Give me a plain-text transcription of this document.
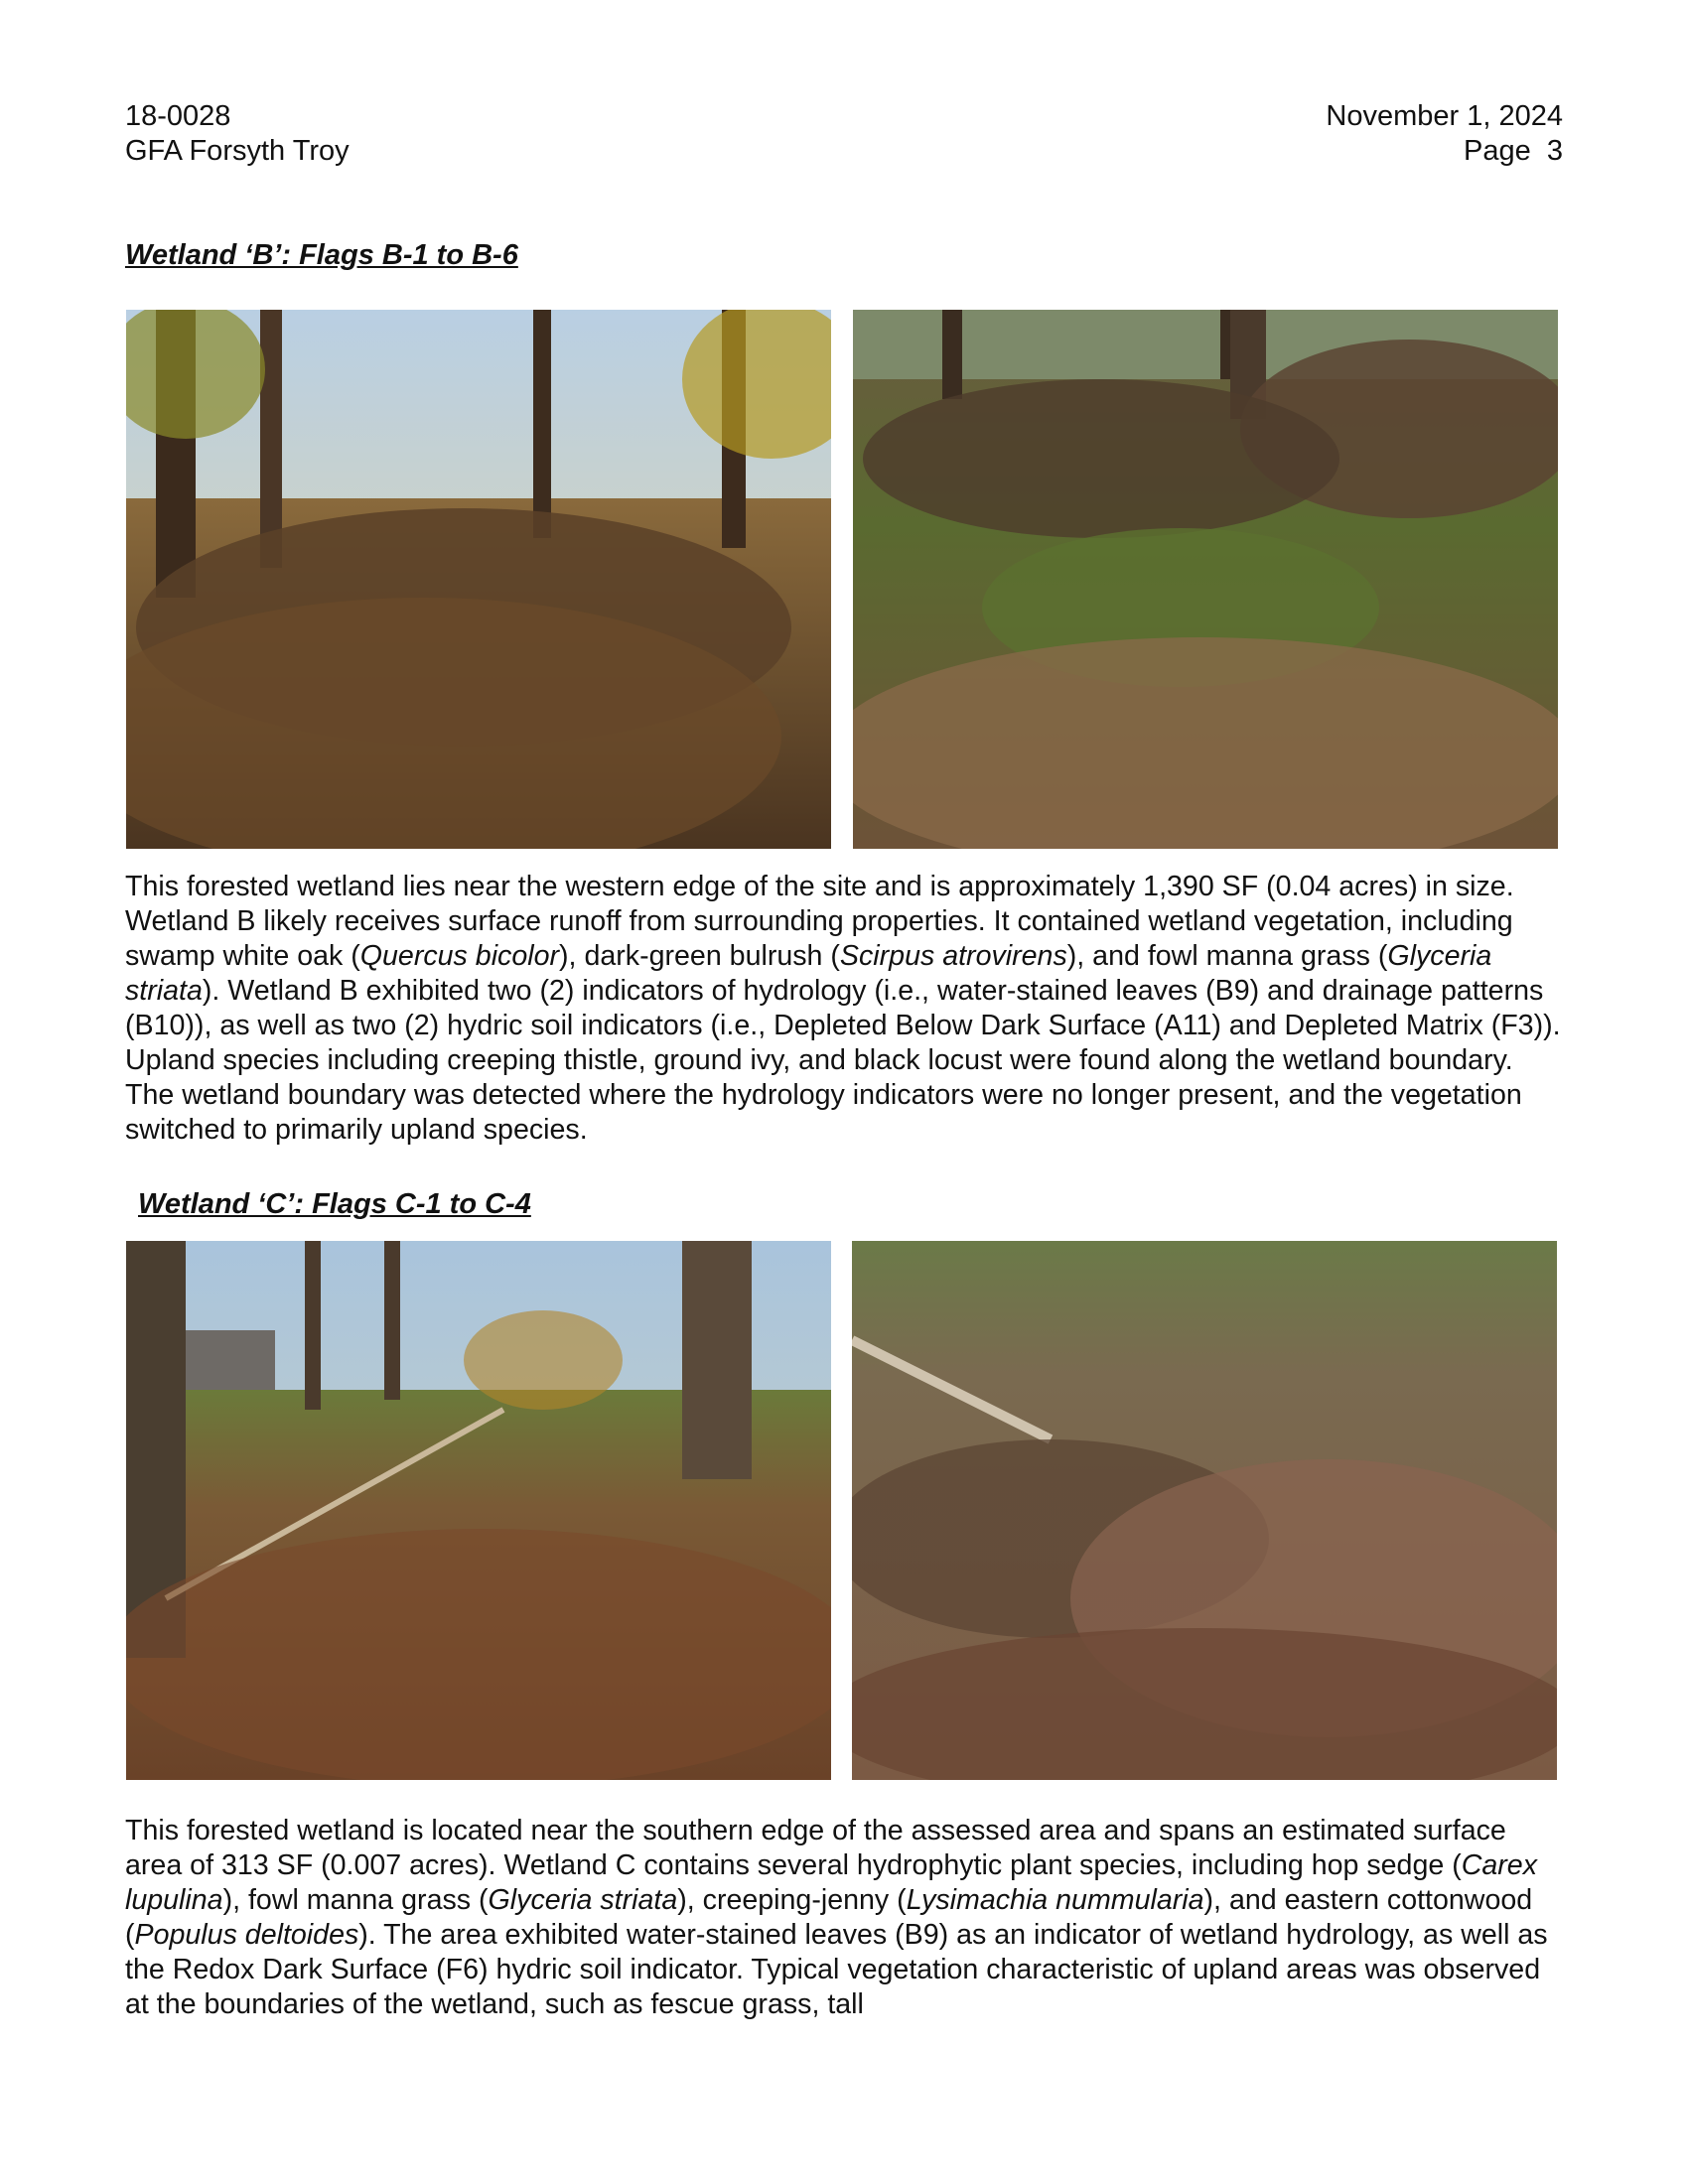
18-0028
GFA Forsyth Troy
November 1, 2024
Page  3
Wetland ‘B’: Flags B-1 to B-6

This forested wetland lies near the western edge of the site and is approximately 1,390 SF (0.04 acres) in size. Wetland B likely receives surface runoff from surrounding properties. It contained wetland vegetation, including swamp white oak (Quercus bicolor), dark-green bulrush (Scirpus atrovirens), and fowl manna grass (Glyceria striata). Wetland B exhibited two (2) indicators of hydrology (i.e., water-stained leaves (B9) and drainage patterns (B10)), as well as two (2) hydric soil indicators (i.e., Depleted Below Dark Surface (A11) and Depleted Matrix (F3)). Upland species including creeping thistle, ground ivy, and black locust were found along the wetland boundary. The wetland boundary was detected where the hydrology indicators were no longer present, and the vegetation switched to primarily upland species.

Wetland ‘C’: Flags C-1 to C-4

This forested wetland is located near the southern edge of the assessed area and spans an estimated surface area of 313 SF (0.007 acres). Wetland C contains several hydrophytic plant species, including hop sedge (Carex lupulina), fowl manna grass (Glyceria striata), creeping-jenny (Lysimachia nummularia), and eastern cottonwood (Populus deltoides). The area exhibited water-stained leaves (B9) as an indicator of wetland hydrology, as well as the Redox Dark Surface (F6) hydric soil indicator. Typical vegetation characteristic of upland areas was observed at the boundaries of the wetland, such as fescue grass, tall
